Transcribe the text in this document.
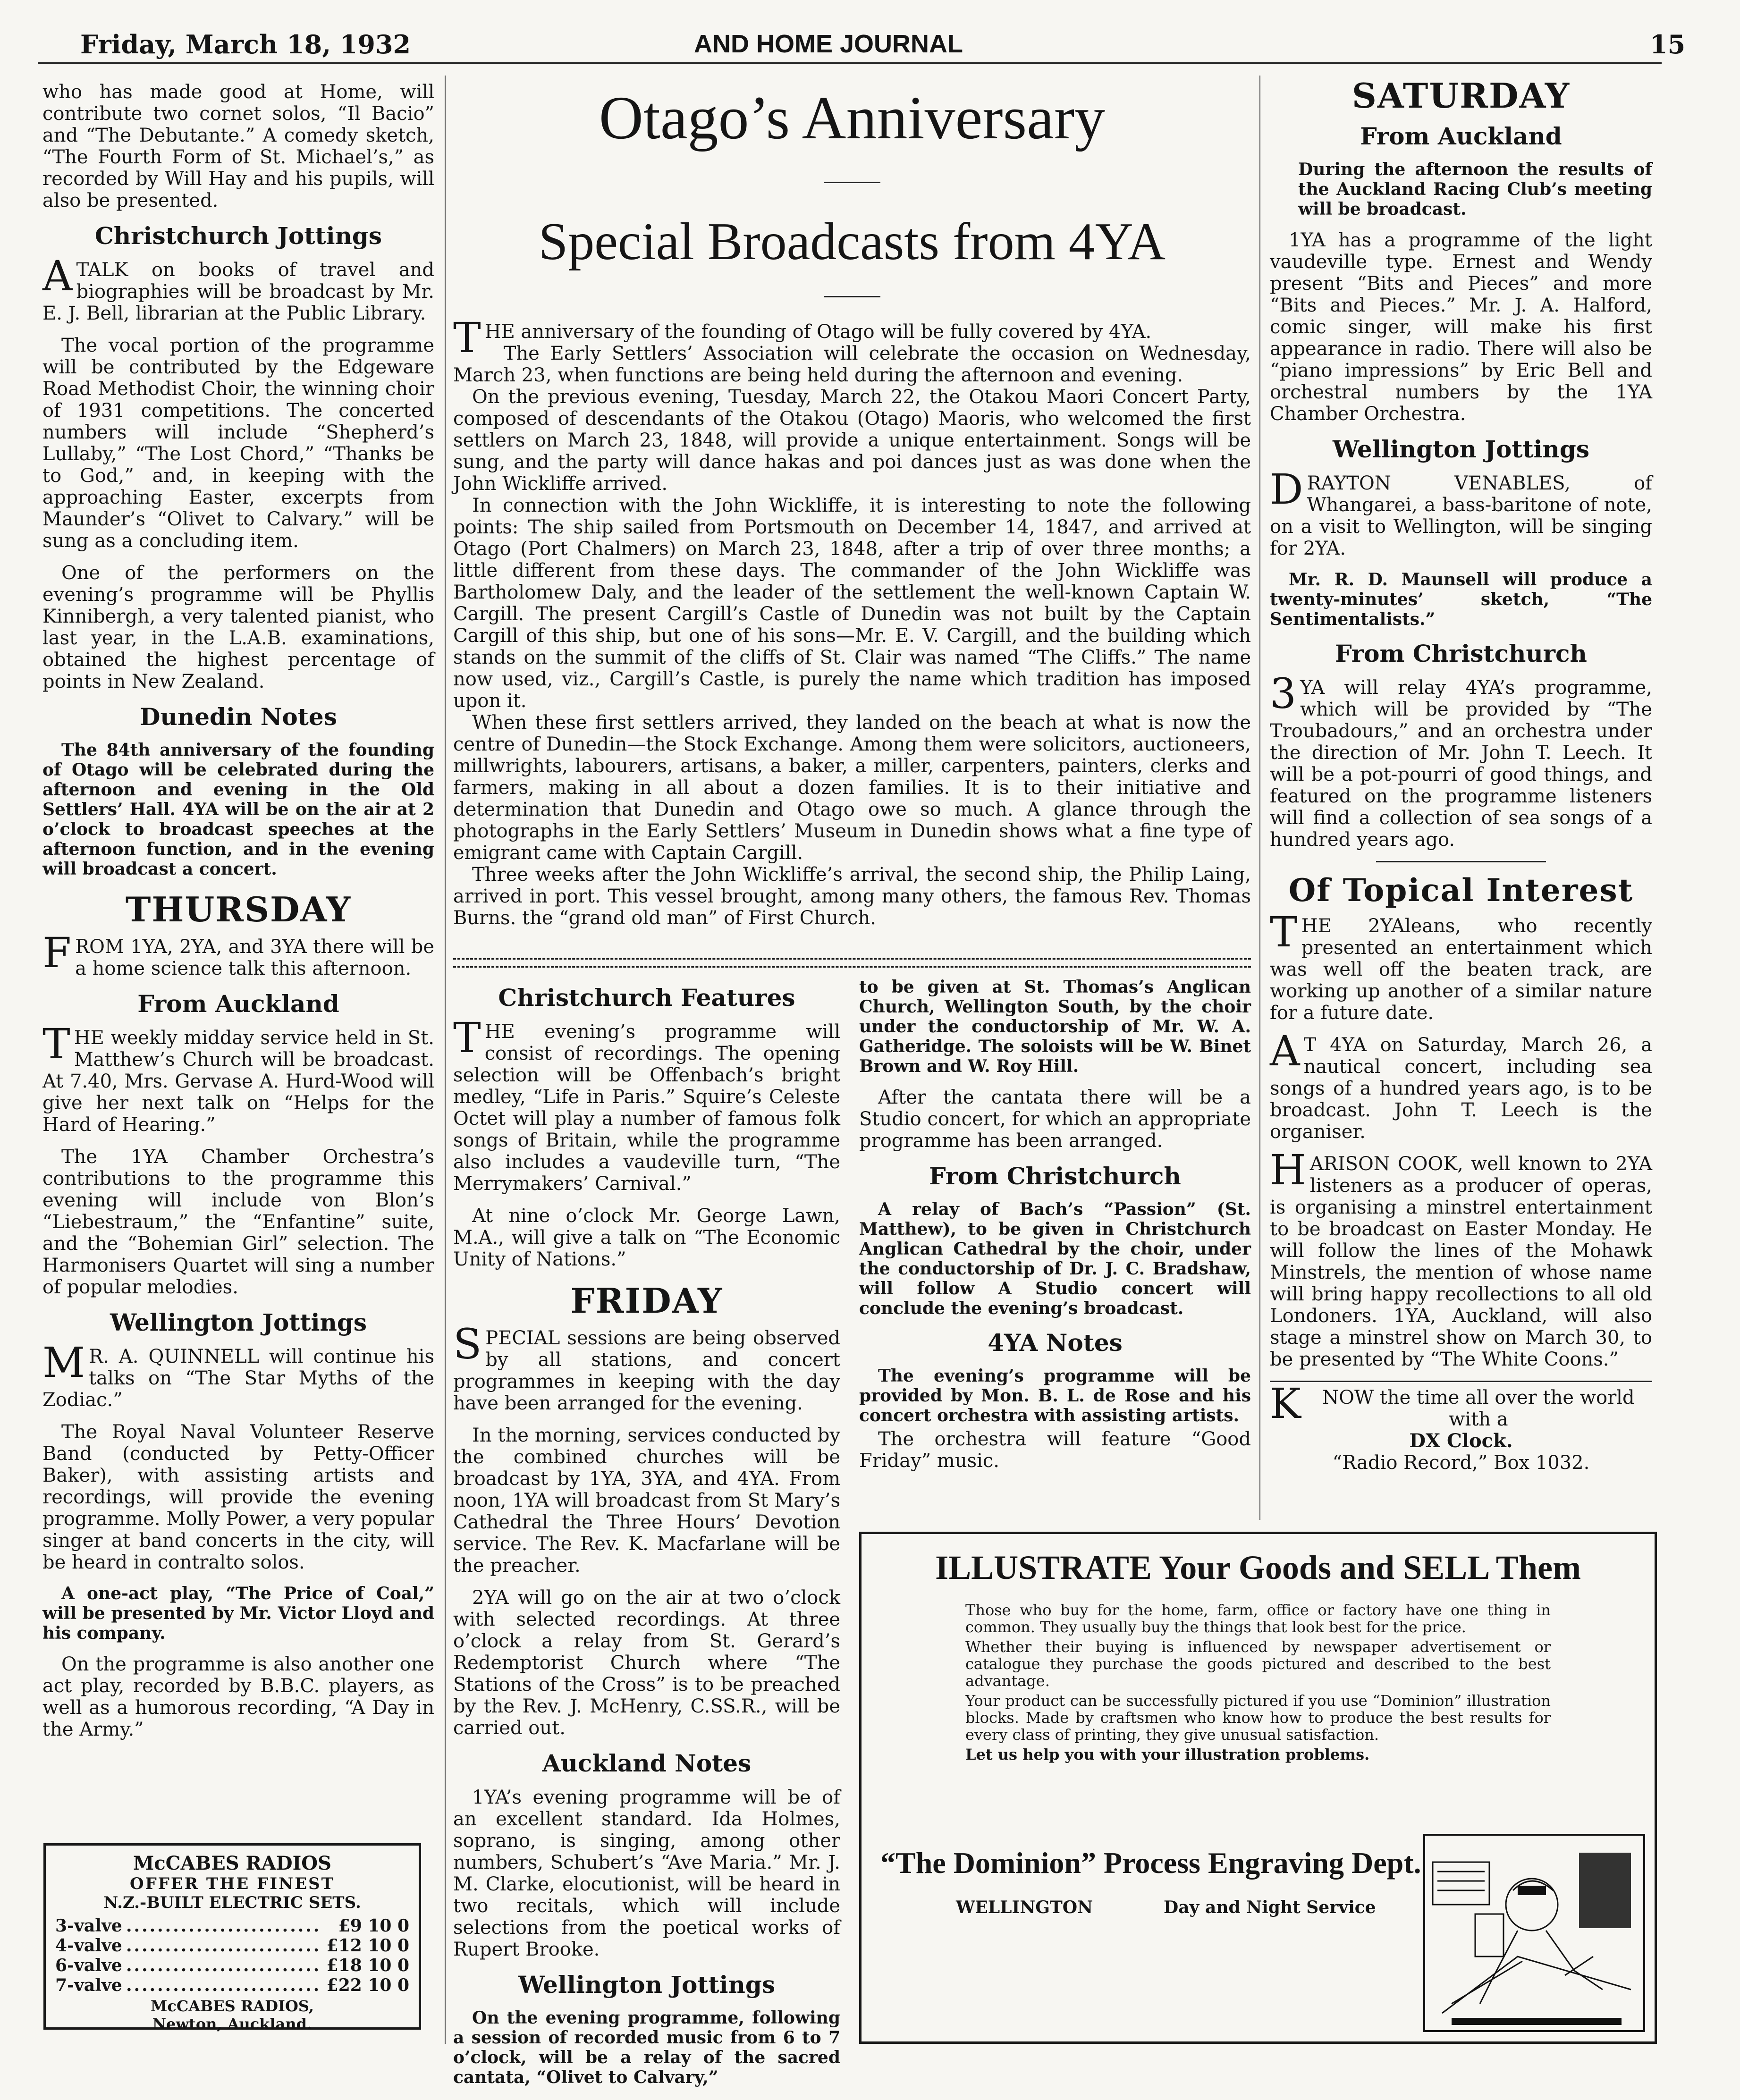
Friday, March 18, 1932	AND HOME JOURNAL	15

who has made good at Home, will contribute two cornet solos, “Il Bacio” and “The Debutante.” A comedy sketch, “The Fourth Form of St. Michael’s,” as recorded by Will Hay and his pupils, will also be presented.

Christchurch Jottings

ATALK on books of travel and biographies will be broadcast by Mr. E. J. Bell, librarian at the Public Library.

The vocal portion of the programme will be contributed by the Edgeware Road Methodist Choir, the winning choir of 1931 competitions. The concerted numbers will include “Shepherd’s Lullaby,” “The Lost Chord,” “Thanks be to God,” and, in keeping with the approaching Easter, excerpts from Maunder’s “Olivet to Calvary.” will be sung as a concluding item.

One of the performers on the evening’s programme will be Phyllis Kinnibergh, a very talented pianist, who last year, in the L.A.B. examinations, obtained the highest percentage of points in New Zealand.

Dunedin Notes

The 84th anniversary of the founding of Otago will be celebrated during the afternoon and evening in the Old Settlers’ Hall. 4YA will be on the air at 2 o’clock to broadcast speeches at the afternoon function, and in the evening will broadcast a concert.

THURSDAY

FROM 1YA, 2YA, and 3YA there will be a home science talk this afternoon.

From Auckland

THE weekly midday service held in St. Matthew’s Church will be broadcast. At 7.40, Mrs. Gervase A. Hurd-Wood will give her next talk on “Helps for the Hard of Hearing.”

The 1YA Chamber Orchestra’s contributions to the programme this evening will include von Blon’s “Liebestraum,” the “Enfantine” suite, and the “Bohemian Girl” selection. The Harmonisers Quartet will sing a number of popular melodies.

Wellington Jottings

MR. A. QUINNELL will continue his talks on “The Star Myths of the Zodiac.”

The Royal Naval Volunteer Reserve Band (conducted by Petty-Officer Baker), with assisting artists and recordings, will provide the evening programme. Molly Power, a very popular singer at band concerts in the city, will be heard in contralto solos.

A one-act play, “The Price of Coal,” will be presented by Mr. Victor Lloyd and his company.

On the programme is also another one act play, recorded by B.B.C. players, as well as a humorous recording, “A Day in the Army.”

McCABES RADIOS
OFFER THE FINEST
N.Z.-BUILT ELECTRIC SETS.
3-valve .....	£9 10 0
4-valve .....	£12 10 0
6-valve .....	£18 10 0
7-valve .....	£22 10 0
McCABES RADIOS,
Newton, Auckland.
Otago’s Anniversary
Special Broadcasts from 4YA

THE anniversary of the founding of Otago will be fully covered by 4YA.

The Early Settlers’ Association will celebrate the occasion on Wednesday, March 23, when functions are being held during the afternoon and evening.

On the previous evening, Tuesday, March 22, the Otakou Maori Concert Party, composed of descendants of the Otakou (Otago) Maoris, who welcomed the first settlers on March 23, 1848, will provide a unique entertainment. Songs will be sung, and the party will dance hakas and poi dances just as was done when the John Wickliffe arrived.

In connection with the John Wickliffe, it is interesting to note the following points: The ship sailed from Portsmouth on December 14, 1847, and arrived at Otago (Port Chalmers) on March 23, 1848, after a trip of over three months; a little different from these days. The commander of the John Wickliffe was Bartholomew Daly, and the leader of the settlement the well-known Captain W. Cargill. The present Cargill’s Castle of Dunedin was not built by the Captain Cargill of this ship, but one of his sons—Mr. E. V. Cargill, and the building which stands on the summit of the cliffs of St. Clair was named “The Cliffs.” The name now used, viz., Cargill’s Castle, is purely the name which tradition has imposed upon it.

When these first settlers arrived, they landed on the beach at what is now the centre of Dunedin—the Stock Exchange. Among them were solicitors, auctioneers, millwrights, labourers, artisans, a baker, a miller, carpenters, painters, clerks and farmers, making in all about a dozen families. It is to their initiative and determination that Dunedin and Otago owe so much. A glance through the photographs in the Early Settlers’ Museum in Dunedin shows what a fine type of emigrant came with Captain Cargill.

Three weeks after the John Wickliffe’s arrival, the second ship, the Philip Laing, arrived in port. This vessel brought, among many others, the famous Rev. Thomas Burns. the “grand old man” of First Church.

Christchurch Features

THE evening’s programme will consist of recordings. The opening selection will be Offenbach’s bright medley, “Life in Paris.” Squire’s Celeste Octet will play a number of famous folk songs of Britain, while the programme also includes a vaudeville turn, “The Merrymakers’ Carnival.”

At nine o’clock Mr. George Lawn, M.A., will give a talk on “The Economic Unity of Nations.”

FRIDAY

SPECIAL sessions are being observed by all stations, and concert programmes in keeping with the day have been arranged for the evening.

In the morning, services conducted by the combined churches will be broadcast by 1YA, 3YA, and 4YA. From noon, 1YA will broadcast from St Mary’s Cathedral the Three Hours’ Devotion service. The Rev. K. Macfarlane will be the preacher.

2YA will go on the air at two o’clock with selected recordings. At three o’clock a relay from St. Gerard’s Redemptorist Church where “The Stations of the Cross” is to be preached by the Rev. J. McHenry, C.SS.R., will be carried out.

Auckland Notes

1YA’s evening programme will be of an excellent standard. Ida Holmes, soprano, is singing, among other numbers, Schubert’s “Ave Maria.” Mr. J. M. Clarke, elocutionist, will be heard in two recitals, which will include selections from the poetical works of Rupert Brooke.

Wellington Jottings

On the evening programme, following a session of recorded music from 6 to 7 o’clock, will be a relay of the sacred cantata, “Olivet to Calvary,”

to be given at St. Thomas’s Anglican Church, Wellington South, by the choir under the conductorship of Mr. W. A. Gatheridge. The soloists will be W. Binet Brown and W. Roy Hill.

After the cantata there will be a Studio concert, for which an appropriate programme has been arranged.

From Christchurch

A relay of Bach’s “Passion” (St. Matthew), to be given in Christchurch Anglican Cathedral by the choir, under the conductorship of Dr. J. C. Bradshaw, will follow A Studio concert will conclude the evening’s broadcast.

4YA Notes

The evening’s programme will be provided by Mon. B. L. de Rose and his concert orchestra with assisting artists.

The orchestra will feature “Good Friday” music.

SATURDAY
From Auckland

During the afternoon the results of the Auckland Racing Club’s meeting will be broadcast.

1YA has a programme of the light vaudeville type. Ernest and Wendy present “Bits and Pieces” and more “Bits and Pieces.” Mr. J. A. Halford, comic singer, will make his first appearance in radio. There will also be “piano impressions” by Eric Bell and orchestral numbers by the 1YA Chamber Orchestra.

Wellington Jottings

DRAYTON VENABLES, of Whangarei, a bass-baritone of note, on a visit to Wellington, will be singing for 2YA.

Mr. R. D. Maunsell will produce a twenty-minutes’ sketch, “The Sentimentalists.”

From Christchurch

3YA will relay 4YA’s programme, which will be provided by “The Troubadours,” and an orchestra under the direction of Mr. John T. Leech. It will be a pot-pourri of good things, and featured on the programme listeners will find a collection of sea songs of a hundred years ago.

Of Topical Interest

THE 2YAleans, who recently presented an entertainment which was well off the beaten track, are working up another of a similar nature for a future date.

AT 4YA on Saturday, March 26, a nautical concert, including sea songs of a hundred years ago, is to be broadcast. John T. Leech is the organiser.

HARISON COOK, well known to 2YA listeners as a producer of operas, is organising a minstrel entertainment to be broadcast on Easter Monday. He will follow the lines of the Mohawk Minstrels, the mention of whose name will bring happy recollections to all old Londoners. 1YA, Auckland, will also stage a minstrel show on March 30, to be presented by “The White Coons.”

KNOW the time all over the world with a

DX Clock.

“Radio Record,” Box 1032.

ILLUSTRATE Your Goods and SELL Them

Those who buy for the home, farm, office or factory have one thing in common. They usually buy the things that look best for the price.

Whether their buying is influenced by newspaper advertisement or catalogue they purchase the goods pictured and described to the best advantage.

Your product can be successfully pictured if you use “Dominion” illustration blocks. Made by craftsmen who know how to produce the best results for every class of printing, they give unusual satisfaction.

Let us help you with your illustration problems.

“The Dominion” Process Engraving Dept.
WELLINGTON	Day and Night Service
